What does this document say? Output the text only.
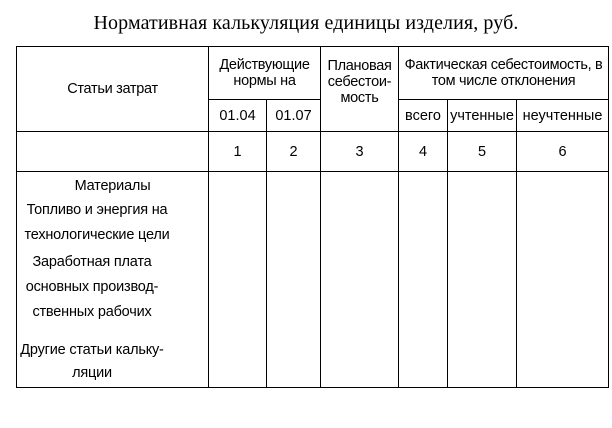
Нормативная калькуляция единицы изделия, руб.
Статьи затрат	Действующие нормы на		Плановая себестои-мость	Фактическая себестоимость, в том числе отклонения		
	01.04	01.07		всего	учтенные	неучтенные
	1	2	3	4	5	6

Материалы
Топливо и энергия на технологические цели
Заработная плата основных производ-ственных рабочих
Другие статьи кальку-ляции						
